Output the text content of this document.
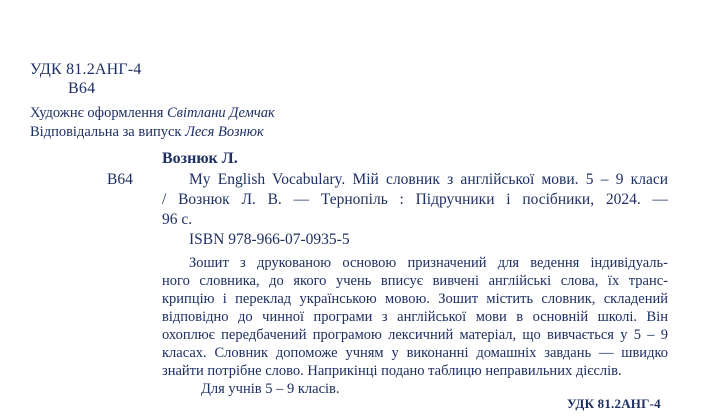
УДК 81.2АНГ-4
В64
Художнє оформлення Світлани Демчак
Відповідальна за випуск Леся Вознюк
Вознюк Л.
В64	My English Vocabulary. Мій словник з англійської мови. 5 – 9 класи
/ Вознюк Л. В. — Тернопіль : Підручники і посібники, 2024. —
96 с.
ISBN 978-966-07-0935-5
Зошит з друкованою основою призначений для ведення індивідуаль-
ного словника, до якого учень вписує вивчені англійські слова, їх транс-
крипцію і переклад українською мовою. Зошит містить словник, складений
відповідно до чинної програми з англійської мови в основній школі. Він
охоплює передбачений програмою лексичний матеріал, що вивчається у 5 – 9
класах. Словник допоможе учням у виконанні домашніх завдань — швидко
знайти потрібне слово. Наприкінці подано таблицю неправильних дієслів.
Для учнів 5 – 9 класів.
УДК 81.2АНГ-4
